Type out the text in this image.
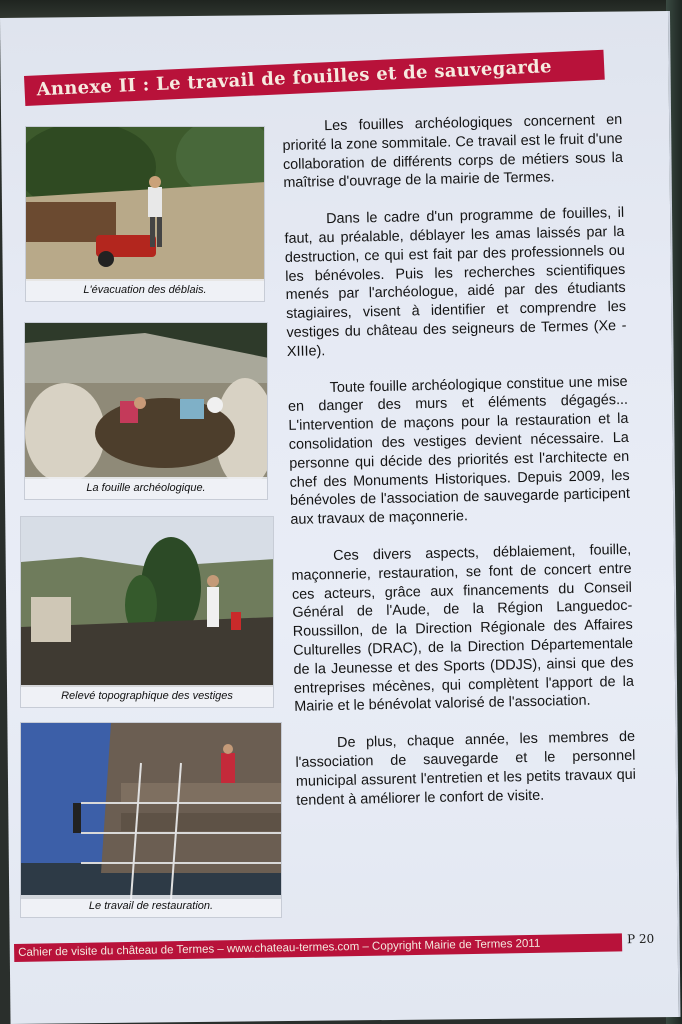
Annexe II : Le travail de fouilles et de sauvegarde
L'évacuation des déblais.
La fouille archéologique.
Relevé topographique des vestiges
Le travail de restauration.

Les fouilles archéologiques concernent en priorité la zone sommitale. Ce travail est le fruit d'une collaboration de différents corps de métiers sous la maîtrise d'ouvrage de la mairie de Termes.

Dans le cadre d'un programme de fouilles, il faut, au préalable, déblayer les amas laissés par la destruction, ce qui est fait par des professionnels ou les bénévoles. Puis les recherches scientifiques menés par l'archéologue, aidé par des étudiants stagiaires, visent à identifier et comprendre les vestiges du château des seigneurs de Termes (Xe - XIIIe).

Toute fouille archéologique constitue une mise en danger des murs et éléments dégagés... L'intervention de maçons pour la restauration et la consolidation des vestiges devient nécessaire. La personne qui décide des priorités est l'architecte en chef des Monuments Historiques. Depuis 2009, les bénévoles de l'association de sauvegarde participent aux travaux de maçonnerie.

Ces divers aspects, déblaiement, fouille, maçonnerie, restauration, se font de concert entre ces acteurs, grâce aux financements du Conseil Général de l'Aude, de la Région Languedoc-Roussillon, de la Direction Régionale des Affaires Culturelles (DRAC), de la Direction Départementale de la Jeunesse et des Sports (DDJS), ainsi que des entreprises mécènes, qui complètent l'apport de la Mairie et le bénévolat valorisé de l'association.

De plus, chaque année, les membres de l'association de sauvegarde et le personnel municipal assurent l'entretien et les petits travaux qui tendent à améliorer le confort de visite.

Cahier de visite du château de Termes – www.chateau-termes.com – Copyright Mairie de Termes 2011	P 20
